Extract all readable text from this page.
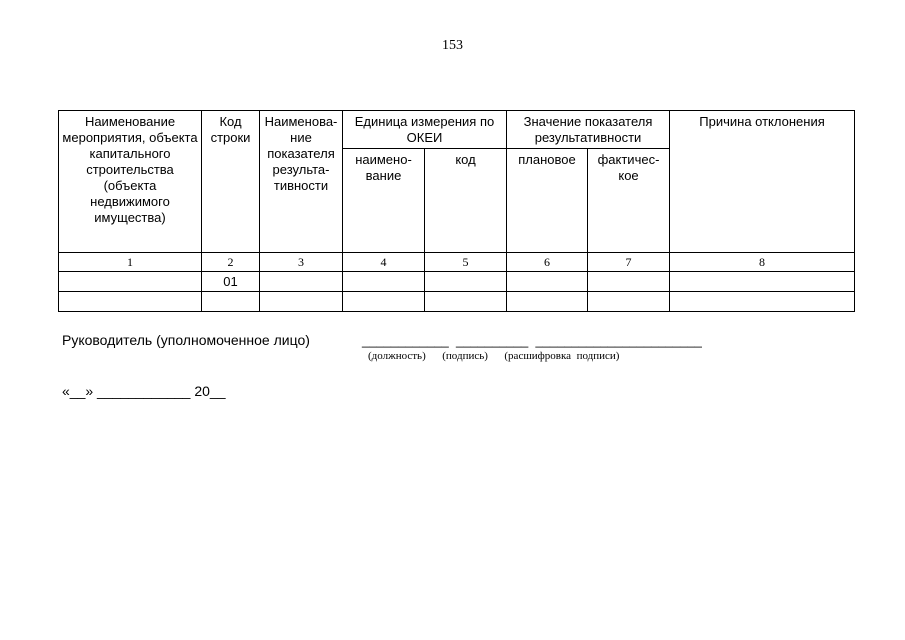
153
Наименование мероприятия, объекта капитального строительства (объекта недвижимого имущества)	Код строки	Наименова-ние показателя результа-тивности	Единица измерения по ОКЕИ		Значение показателя результативности		Причина отклонения
			наимено-вание	код	плановое	фактичес-кое	
1	2	3	4	5	6	7	8
	01						

Руководитель (уполномоченное лицо)	____________  __________  _______________________
(должность)      (подпись)      (расшифровка  подписи)
«__» ____________ 20__
